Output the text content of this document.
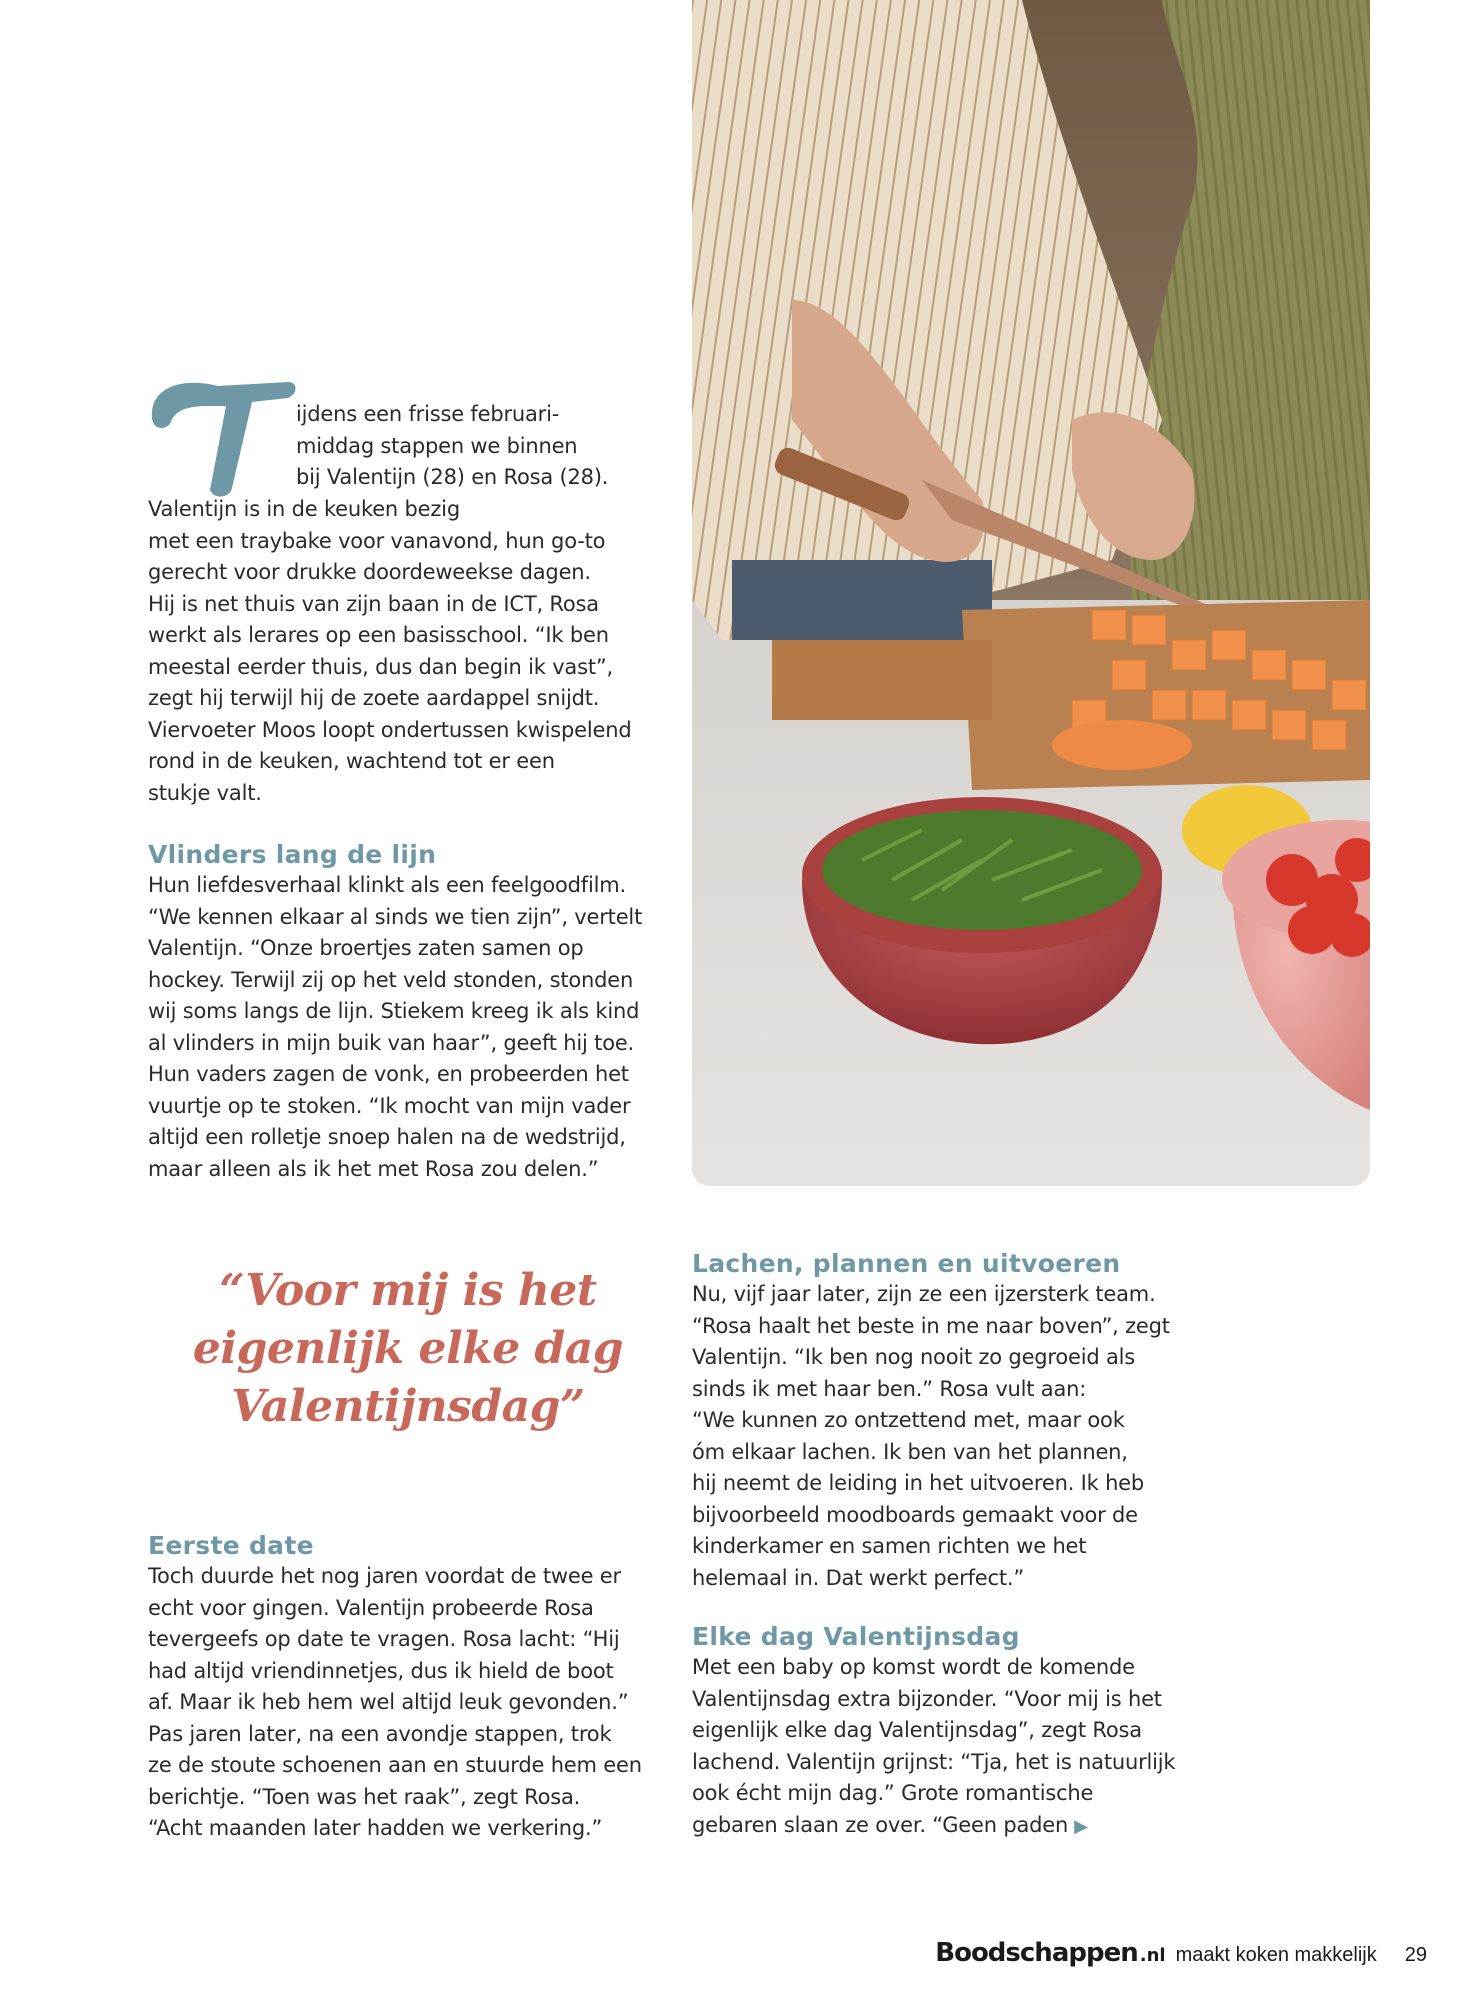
ijdens een frisse februari-
middag stappen we binnen
bij Valentijn (28) en Rosa (28).
Valentijn is in de keuken bezig
met een traybake voor vanavond, hun go-to
gerecht voor drukke doordeweekse dagen.
Hij is net thuis van zijn baan in de ICT, Rosa
werkt als lerares op een basisschool. “Ik ben
meestal eerder thuis, dus dan begin ik vast”,
zegt hij terwijl hij de zoete aardappel snijdt.
Viervoeter Moos loopt ondertussen kwispelend
rond in de keuken, wachtend tot er een
stukje valt.
Vlinders lang de lijn
Hun liefdesverhaal klinkt als een feelgoodfilm.
“We kennen elkaar al sinds we tien zijn”, vertelt
Valentijn. “Onze broertjes zaten samen op
hockey. Terwijl zij op het veld stonden, stonden
wij soms langs de lijn. Stiekem kreeg ik als kind
al vlinders in mijn buik van haar”, geeft hij toe.
Hun vaders zagen de vonk, en probeerden het
vuurtje op te stoken. “Ik mocht van mijn vader
altijd een rolletje snoep halen na de wedstrijd,
maar alleen als ik het met Rosa zou delen.”
“Voor mij is het
eigenlijk elke dag
Valentijnsdag”
Eerste date
Toch duurde het nog jaren voordat de twee er
echt voor gingen. Valentijn probeerde Rosa
tevergeefs op date te vragen. Rosa lacht: “Hij
had altijd vriendinnetjes, dus ik hield de boot
af. Maar ik heb hem wel altijd leuk gevonden.”
Pas jaren later, na een avondje stappen, trok
ze de stoute schoenen aan en stuurde hem een
berichtje. “Toen was het raak”, zegt Rosa.
“Acht maanden later hadden we verkering.”
Lachen, plannen en uitvoeren
Nu, vijf jaar later, zijn ze een ijzersterk team.
“Rosa haalt het beste in me naar boven”, zegt
Valentijn. “Ik ben nog nooit zo gegroeid als
sinds ik met haar ben.” Rosa vult aan:
“We kunnen zo ontzettend met, maar ook
óm elkaar lachen. Ik ben van het plannen,
hij neemt de leiding in het uitvoeren. Ik heb
bijvoorbeeld moodboards gemaakt voor de
kinderkamer en samen richten we het
helemaal in. Dat werkt perfect.”
Elke dag Valentijnsdag
Met een baby op komst wordt de komende
Valentijnsdag extra bijzonder. “Voor mij is het
eigenlijk elke dag Valentijnsdag”, zegt Rosa
lachend. Valentijn grijnst: “Tja, het is natuurlijk
ook écht mijn dag.” Grote romantische
gebaren slaan ze over. “Geen paden ▶
Boodschappen .nl maakt koken makkelijk 29
